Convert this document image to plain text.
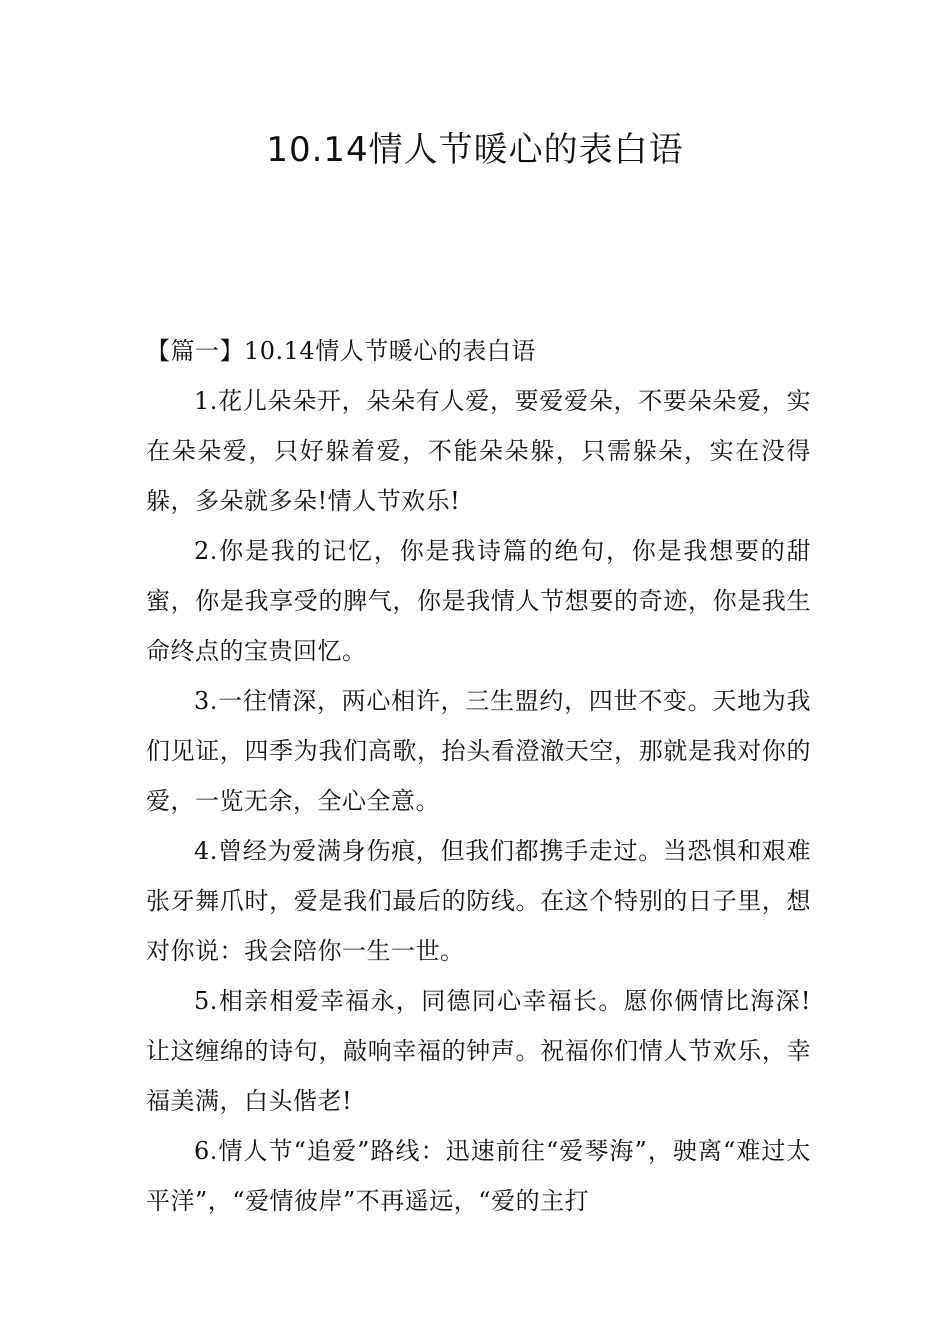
10.14情人节暖心的表白语
【篇一】10.14情人节暖心的表白语

1.花儿朵朵开，朵朵有人爱，要爱爱朵，不要朵朵爱，实在朵朵爱，只好躲着爱，不能朵朵躲，只需躲朵，实在没得躲，多朵就多朵!情人节欢乐!

2.你是我的记忆，你是我诗篇的绝句，你是我想要的甜蜜，你是我享受的脾气，你是我情人节想要的奇迹，你是我生命终点的宝贵回忆。

3.一往情深，两心相许，三生盟约，四世不变。天地为我们见证，四季为我们高歌，抬头看澄澈天空，那就是我对你的爱，一览无余，全心全意。

4.曾经为爱满身伤痕，但我们都携手走过。当恐惧和艰难张牙舞爪时，爱是我们最后的防线。在这个特别的日子里，想对你说：我会陪你一生一世。

5.相亲相爱幸福永，同德同心幸福长。愿你俩情比海深!让这缠绵的诗句，敲响幸福的钟声。祝福你们情人节欢乐，幸福美满，白头偕老!

6.情人节“追爱”路线：迅速前往“爱琴海”，驶离“难过太平洋”，“爱情彼岸”不再遥远，“爱的主打
